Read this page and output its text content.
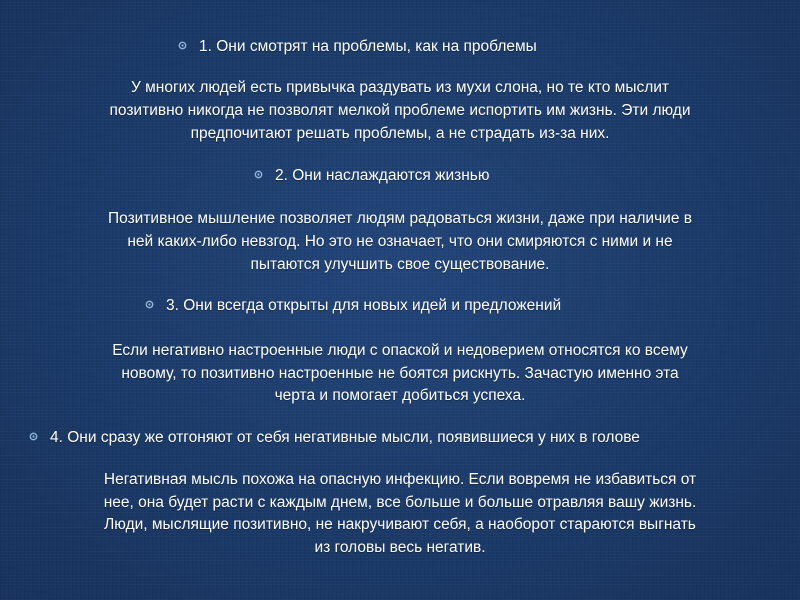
1. Они смотрят на проблемы, как на проблемы
У многих людей есть привычка раздувать из мухи слона, но те кто мыслит
позитивно никогда не позволят мелкой проблеме испортить им жизнь. Эти люди
предпочитают решать проблемы, а не страдать из-за них.
2. Они наслаждаются жизнью
Позитивное мышление позволяет людям радоваться жизни, даже при наличие в
ней каких-либо невзгод. Но это не означает, что они смиряются с ними и не
пытаются улучшить свое существование.
3. Они всегда открыты для новых идей и предложений
Если негативно настроенные люди с опаской и недоверием относятся ко всему
новому, то позитивно настроенные не боятся рискнуть. Зачастую именно эта
черта и помогает добиться успеха.
4. Они сразу же отгоняют от себя негативные мысли, появившиеся у них в голове
Негативная мысль похожа на опасную инфекцию. Если вовремя не избавиться от
нее, она будет расти с каждым днем, все больше и больше отравляя вашу жизнь.
Люди, мыслящие позитивно, не накручивают себя, а наоборот стараются выгнать
из головы весь негатив.
